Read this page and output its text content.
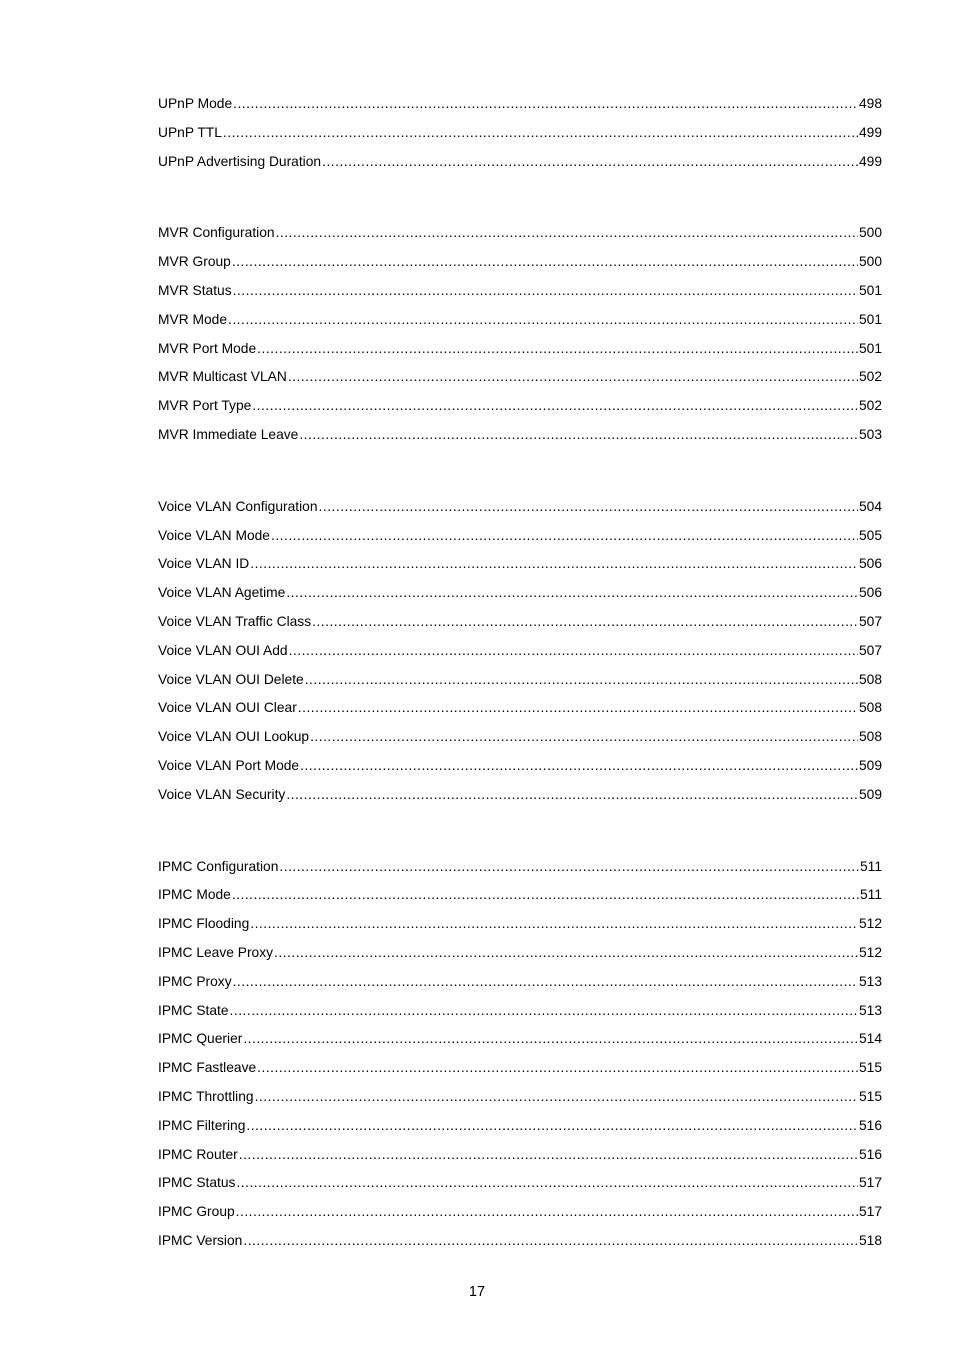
UPnP Mode .....	498
UPnP TTL .....	499
UPnP Advertising Duration .....	499
MVR Configuration .....	500
MVR Group .....	500
MVR Status .....	501
MVR Mode .....	501
MVR Port Mode .....	501
MVR Multicast VLAN .....	502
MVR Port Type .....	502
MVR Immediate Leave .....	503
Voice VLAN Configuration .....	504
Voice VLAN Mode .....	505
Voice VLAN ID .....	506
Voice VLAN Agetime .....	506
Voice VLAN Traffic Class .....	507
Voice VLAN OUI Add .....	507
Voice VLAN OUI Delete .....	508
Voice VLAN OUI Clear .....	508
Voice VLAN OUI Lookup .....	508
Voice VLAN Port Mode .....	509
Voice VLAN Security .....	509
IPMC Configuration .....	511
IPMC Mode .....	511
IPMC Flooding .....	512
IPMC Leave Proxy .....	512
IPMC Proxy .....	513
IPMC State .....	513
IPMC Querier .....	514
IPMC Fastleave .....	515
IPMC Throttling .....	515
IPMC Filtering .....	516
IPMC Router .....	516
IPMC Status .....	517
IPMC Group .....	517
IPMC Version .....	518
17
